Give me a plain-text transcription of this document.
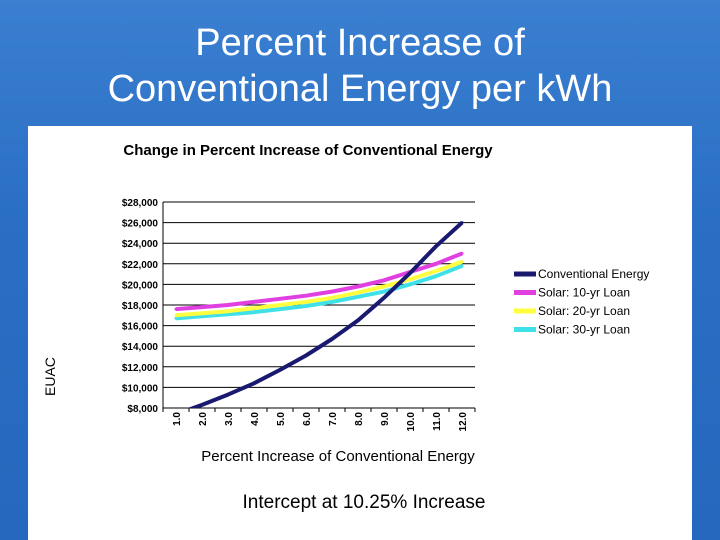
Percent Increase of
Conventional Energy per kWh
Change in Percent Increase of Conventional Energy
EUAC
$8,000
$10,000
$12,000
$14,000
$16,000
$18,000
$20,000
$22,000
$24,000
$26,000
$28,000
1.0 2.0 3.0 4.0 5.0 6.0 7.0 8.0 9.0 10.0 11.0 12.0
Conventional Energy
Solar: 10-yr Loan
Solar: 20-yr Loan
Solar: 30-yr Loan
Percent Increase of Conventional Energy
Intercept at 10.25% Increase
